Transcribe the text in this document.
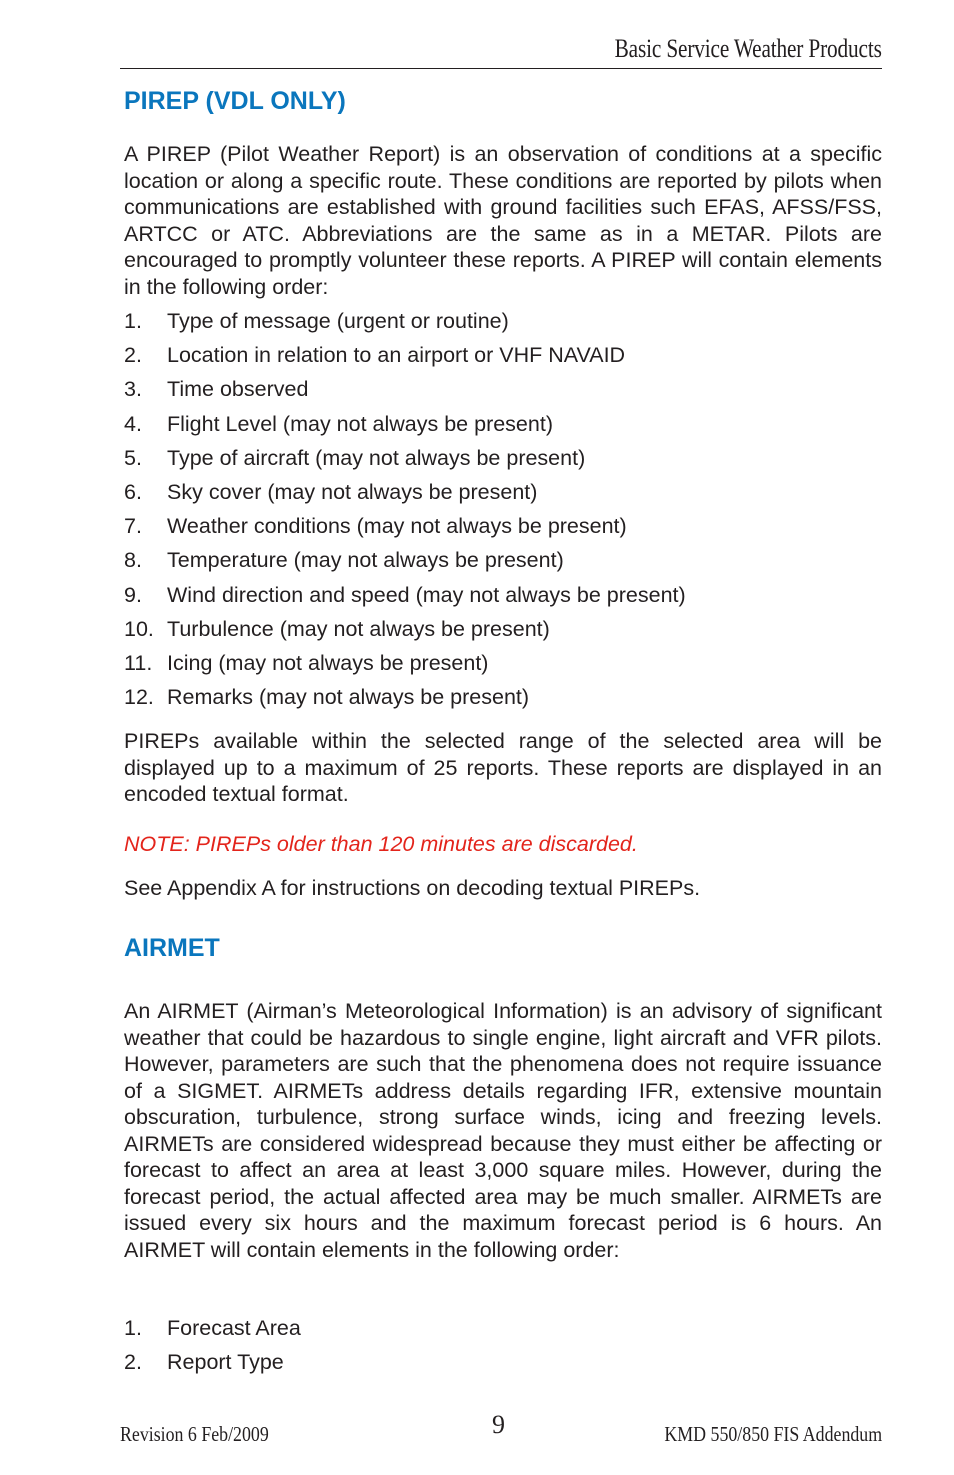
Basic Service Weather Products
PIREP (VDL ONLY)

A PIREP (Pilot Weather Report) is an observation of conditions at a specific location or along a specific route. These conditions are reported by pilots when communications are established with ground facilities such EFAS, AFSS/FSS, ARTCC or ATC. Abbreviations are the same as in a METAR. Pilots are encouraged to promptly volunteer these reports. A PIREP will contain elements in the following order:

1. Type of message (urgent or routine)
2. Location in relation to an airport or VHF NAVAID
3. Time observed
4. Flight Level (may not always be present)
5. Type of aircraft (may not always be present)
6. Sky cover (may not always be present)
7. Weather conditions (may not always be present)
8. Temperature (may not always be present)
9. Wind direction and speed (may not always be present)
10. Turbulence (may not always be present)
11. Icing (may not always be present)
12. Remarks (may not always be present)

PIREPs available within the selected range of the selected area will be displayed up to a maximum of 25 reports. These reports are displayed in an encoded textual format.

NOTE: PIREPs older than 120 minutes are discarded.

See Appendix A for instructions on decoding textual PIREPs.

AIRMET

An AIRMET (Airman’s Meteorological Information) is an advisory of significant weather that could be hazardous to single engine, light aircraft and VFR pilots. However, parameters are such that the phenomena does not require issuance of a SIGMET. AIRMETs address details regarding IFR, extensive mountain obscuration, turbulence, strong surface winds, icing and freezing levels. AIRMETs are considered widespread because they must either be affecting or forecast to affect an area at least 3,000 square miles. However, during the forecast period, the actual affected area may be much smaller. AIRMETs are issued every six hours and the maximum forecast period is 6 hours. An AIRMET will contain elements in the following order:

1. Forecast Area
2. Report Type
Revision 6 Feb/2009	9	KMD 550/850 FIS Addendum
